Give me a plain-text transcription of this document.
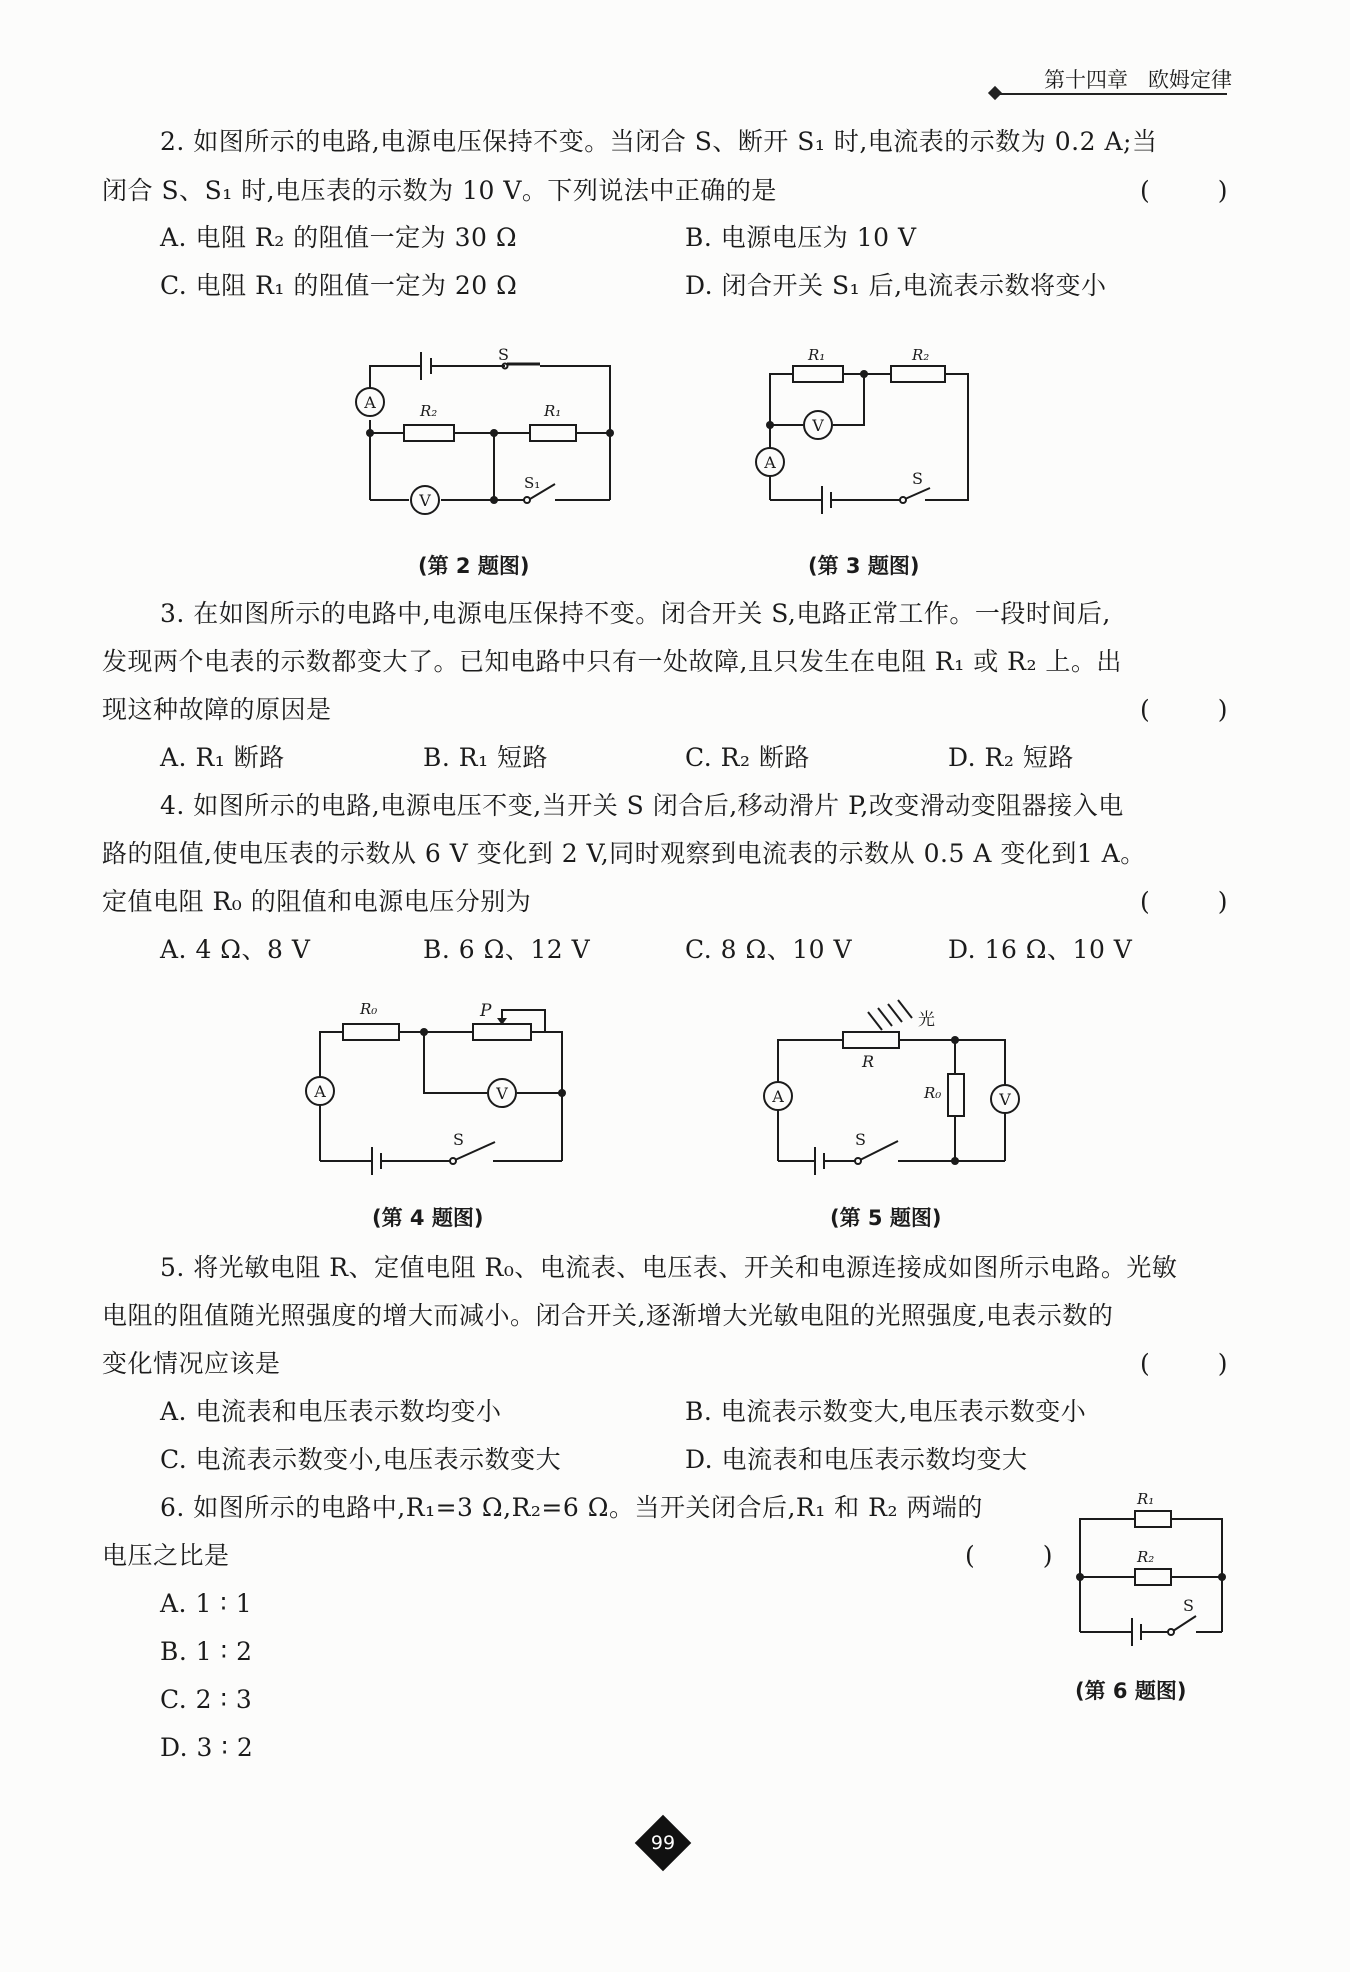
第十四章 欧姆定律
2. 如图所示的电路,电源电压保持不变。当闭合 S、断开 S₁ 时,电流表的示数为 0.2 A;当
闭合 S、S₁ 时,电压表的示数为 10 V。下列说法中正确的是	( )
A. 电阻 R₂ 的阻值一定为 30 Ω	B. 电源电压为 10 V
C. 电阻 R₁ 的阻值一定为 20 Ω	D. 闭合开关 S₁ 后,电流表示数将变小
A
V
S
R₂	R₁
S₁
(第 2 题图)
V
A
R₁	R₂
S
(第 3 题图)
3. 在如图所示的电路中,电源电压保持不变。闭合开关 S,电路正常工作。一段时间后,
发现两个电表的示数都变大了。已知电路中只有一处故障,且只发生在电阻 R₁ 或 R₂ 上。出
现这种故障的原因是	( )
A. R₁ 断路	B. R₁ 短路	C. R₂ 断路	D. R₂ 短路
4. 如图所示的电路,电源电压不变,当开关 S 闭合后,移动滑片 P,改变滑动变阻器接入电
路的阻值,使电压表的示数从 6 V 变化到 2 V,同时观察到电流表的示数从 0.5 A 变化到1 A。
定值电阻 R₀ 的阻值和电源电压分别为	( )
A. 4 Ω、8 V	B. 6 Ω、12 V	C. 8 Ω、10 V	D. 16 Ω、10 V
A	V
R₀	P
S
(第 4 题图)
A	V
R
R₀
光
S
(第 5 题图)
5. 将光敏电阻 R、定值电阻 R₀、电流表、电压表、开关和电源连接成如图所示电路。光敏
电阻的阻值随光照强度的增大而减小。闭合开关,逐渐增大光敏电阻的光照强度,电表示数的
变化情况应该是	( )
A. 电流表和电压表示数均变小	B. 电流表示数变大,电压表示数变小
C. 电流表示数变小,电压表示数变大	D. 电流表和电压表示数均变大
6. 如图所示的电路中,R₁=3 Ω,R₂=6 Ω。当开关闭合后,R₁ 和 R₂ 两端的
电压之比是	( )
A. 1 ∶ 1
B. 1 ∶ 2
C. 2 ∶ 3
D. 3 ∶ 2
R₁
R₂
S
(第 6 题图)
99
